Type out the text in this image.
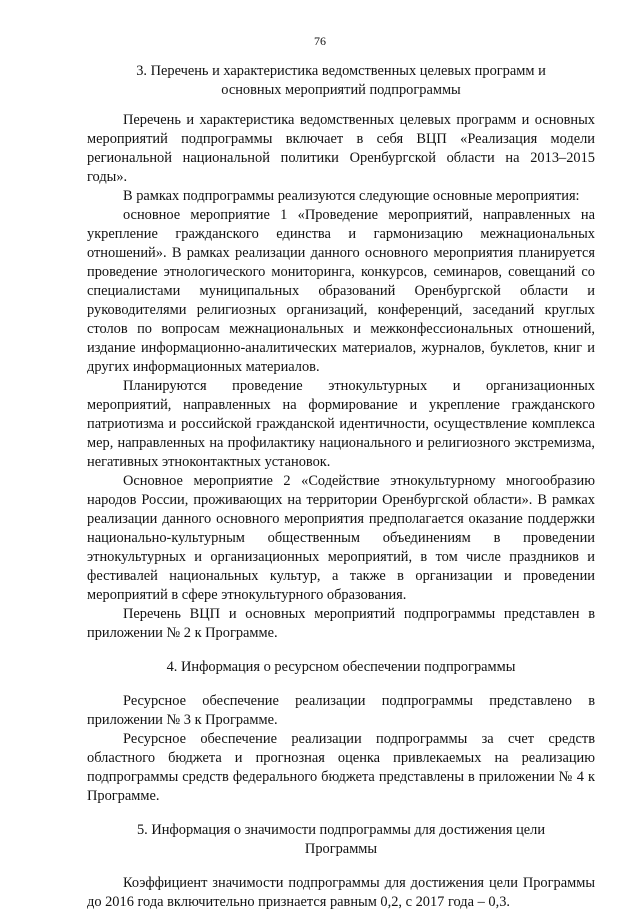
76

3. Перечень и характеристика ведомственных целевых программ и

основных мероприятий подпрограммы

Перечень и характеристика ведомственных целевых программ и основных мероприятий подпрограммы включает в себя ВЦП «Реализация модели региональной национальной политики Оренбургской области на 2013–2015 годы».

В рамках подпрограммы реализуются следующие основные мероприятия:

основное мероприятие 1 «Проведение мероприятий, направленных на укрепление гражданского единства и гармонизацию межнациональных отношений». В рамках реализации данного основного мероприятия планируется проведение этнологического мониторинга, конкурсов, семинаров, совещаний со специалистами муниципальных образований Оренбургской области и руководителями религиозных организаций, конференций, заседаний круглых столов по вопросам межнациональных и межконфессиональных отношений, издание информационно-аналитических материалов, журналов, буклетов, книг и других информационных материалов.

Планируются проведение этнокультурных и организационных мероприятий, направленных на формирование и укрепление гражданского патриотизма и российской гражданской идентичности, осуществление комплекса мер, направленных на профилактику национального и религиозного экстремизма, негативных этноконтактных установок.

Основное мероприятие 2 «Содействие этнокультурному многообразию народов России, проживающих на территории Оренбургской области». В рамках реализации данного основного мероприятия предполагается оказание поддержки национально-культурным общественным объединениям в проведении этнокультурных и организационных мероприятий, в том числе праздников и фестивалей национальных культур, а также в организации и проведении мероприятий в сфере этнокультурного образования.

Перечень ВЦП и основных мероприятий подпрограммы представлен в приложении № 2 к Программе.

4. Информация о ресурсном обеспечении подпрограммы

Ресурсное обеспечение реализации подпрограммы представлено в приложении № 3 к Программе.

Ресурсное обеспечение реализации подпрограммы за счет средств областного бюджета и прогнозная оценка привлекаемых на реализацию подпрограммы средств федерального бюджета представлены в приложении № 4 к Программе.

5. Информация о значимости подпрограммы для достижения цели

Программы

Коэффициент значимости подпрограммы для достижения цели Программы до 2016 года включительно признается равным 0,2, с 2017 года – 0,3.
